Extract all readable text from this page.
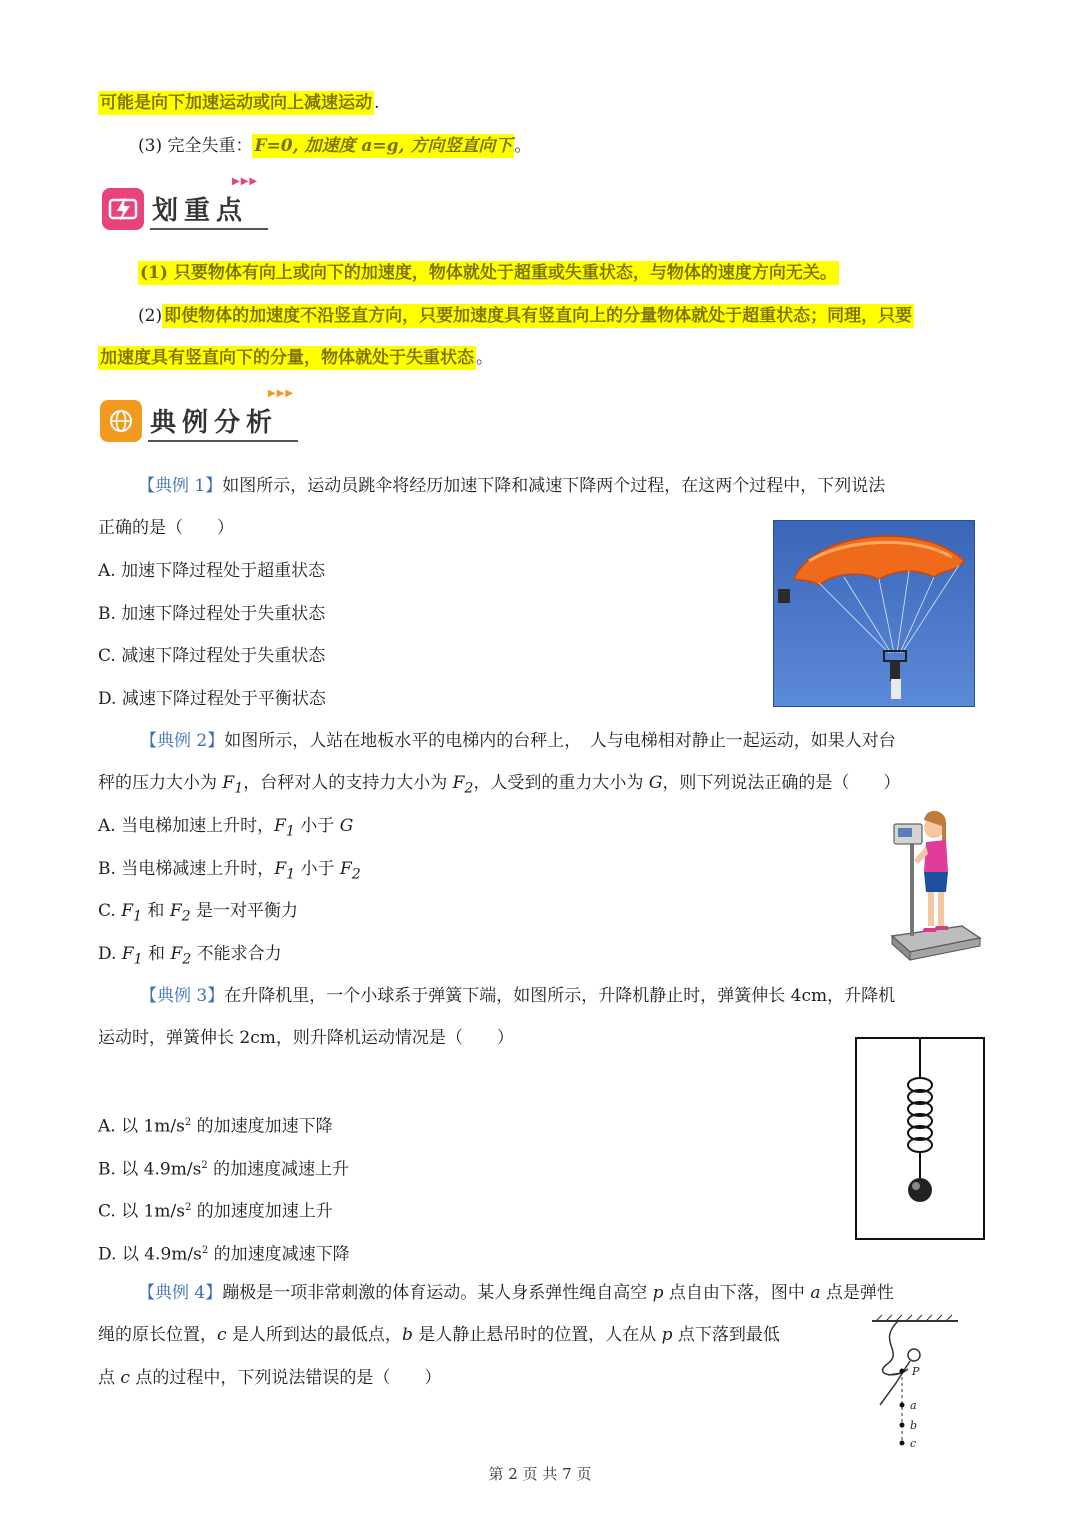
可能是向下加速运动或向上减速运动 .
(3) 完全失重： F=0, 加速度 a=g, 方向竖直向下 。
▶▶▶
划重点
(1) 只要物体有向上或向下的加速度，物体就处于超重或失重状态，与物体的速度方向无关。
(2) 即使物体的加速度不沿竖直方向，只要加速度具有竖直向上的分量物体就处于超重状态；同理，只要
加速度具有竖直向下的分量，物体就处于失重状态 。
▶▶▶
典例分析
【典例 1】如图所示，运动员跳伞将经历加速下降和减速下降两个过程，在这两个过程中，下列说法
正确的是（　　）
A. 加速下降过程处于超重状态
B. 加速下降过程处于失重状态
C. 减速下降过程处于失重状态
D. 减速下降过程处于平衡状态
【典例 2】如图所示，人站在地板水平的电梯内的台秤上，　人与电梯相对静止一起运动，如果人对台
秤的压力大小为 $F_1$，台秤对人的支持力大小为 $F_2$，人受到的重力大小为 G，则下列说法正确的是（　　）
A. 当电梯加速上升时，$F_1$ 小于 G
B. 当电梯减速上升时，$F_1$ 小于 $F_2$
C. $F_1$ 和 $F_2$ 是一对平衡力
D. $F_1$ 和 $F_2$ 不能求合力
【典例 3】在升降机里，一个小球系于弹簧下端，如图所示，升降机静止时，弹簧伸长 4cm，升降机
运动时，弹簧伸长 2cm，则升降机运动情况是（　　）
A. 以 $1m/s^2$ 的加速度加速下降
B. 以 $4.9m/s^2$ 的加速度减速上升
C. 以 $1m/s^2$ 的加速度加速上升
D. 以 $4.9m/s^2$ 的加速度减速下降
【典例 4】蹦极是一项非常刺激的体育运动。某人身系弹性绳自高空 p 点自由下落，图中 a 点是弹性
绳的原长位置，c 是人所到达的最低点，b 是人静止悬吊时的位置，人在从 p 点下落到最低
点 c 点的过程中，下列说法错误的是（　　）	P
a
b
c
第 2 页 共 7 页
